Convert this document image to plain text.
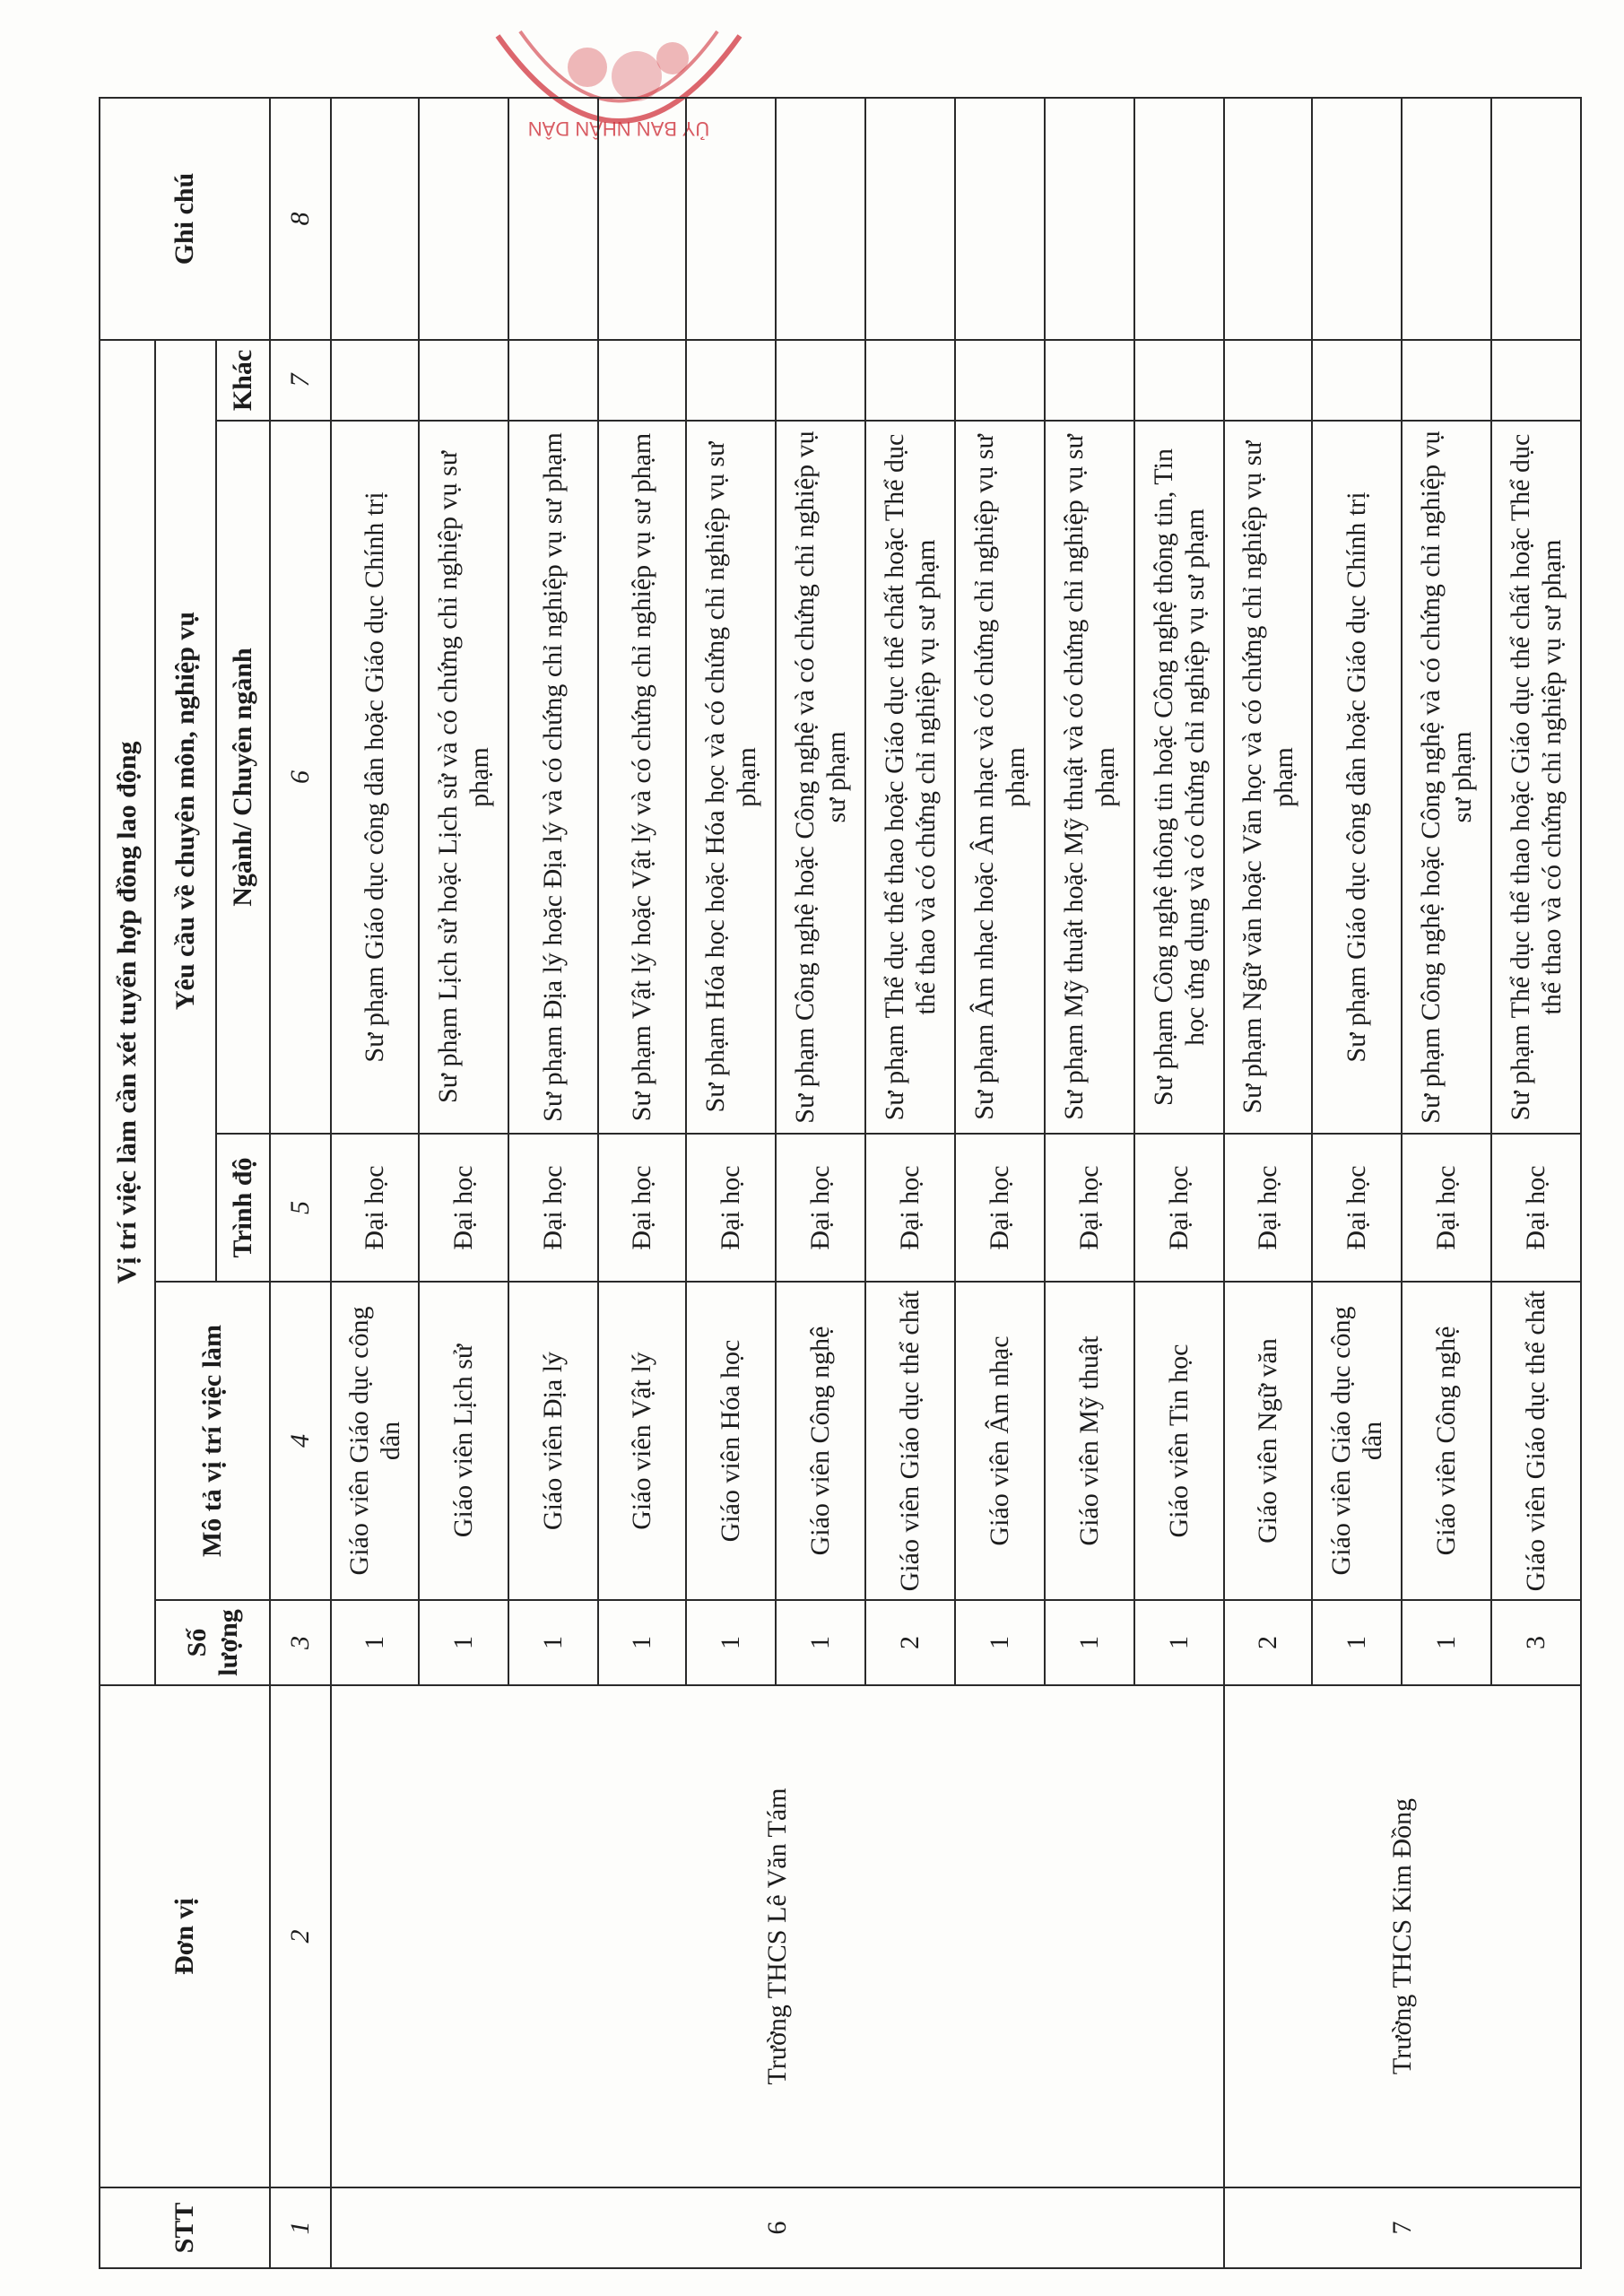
ỦY BAN NHÂN DÂN
STT	Đơn vị	Vị trí việc làm cần xét tuyển hợp đồng lao động					Ghi chú
		Số lượng	Mô tả vị trí việc làm	Yêu cầu về chuyên môn, nghiệp vụ			
				Trình độ	Ngành/ Chuyên ngành	Khác	
1	2	3	4	5	6	7	8
6	Trường THCS Lê Văn Tám	1	Giáo viên Giáo dục công dân	Đại học	Sư phạm Giáo dục công dân hoặc Giáo dục Chính trị		
		1	Giáo viên Lịch sử	Đại học	Sư phạm Lịch sử hoặc Lịch sử và có chứng chỉ nghiệp vụ sư phạm		
		1	Giáo viên Địa lý	Đại học	Sư phạm Địa lý hoặc Địa lý và có chứng chỉ nghiệp vụ sư phạm		
		1	Giáo viên Vật lý	Đại học	Sư phạm Vật lý hoặc Vật lý và có chứng chỉ nghiệp vụ sư phạm		
		1	Giáo viên Hóa học	Đại học	Sư phạm Hóa học hoặc Hóa học và có chứng chỉ nghiệp vụ sư phạm		
		1	Giáo viên Công nghệ	Đại học	Sư phạm Công nghệ hoặc Công nghệ và có chứng chỉ nghiệp vụ sư phạm		
		2	Giáo viên Giáo dục thể chất	Đại học	Sư phạm Thể dục thể thao hoặc Giáo dục thể chất hoặc Thể dục thể thao và có chứng chỉ nghiệp vụ sư phạm		
		1	Giáo viên Âm nhạc	Đại học	Sư phạm Âm nhạc hoặc Âm nhạc và có chứng chỉ nghiệp vụ sư phạm		
		1	Giáo viên Mỹ thuật	Đại học	Sư phạm Mỹ thuật hoặc Mỹ thuật và có chứng chỉ nghiệp vụ sư phạm		
		1	Giáo viên Tin học	Đại học	Sư phạm Công nghệ thông tin hoặc Công nghệ thông tin, Tin học ứng dụng và có chứng chỉ nghiệp vụ sư phạm		
7	Trường THCS Kim Đồng	2	Giáo viên Ngữ văn	Đại học	Sư phạm Ngữ văn hoặc Văn học và có chứng chỉ nghiệp vụ sư phạm		
		1	Giáo viên Giáo dục công dân	Đại học	Sư phạm Giáo dục công dân hoặc Giáo dục Chính trị		
		1	Giáo viên Công nghệ	Đại học	Sư phạm Công nghệ hoặc Công nghệ và có chứng chỉ nghiệp vụ sư phạm		
		3	Giáo viên Giáo dục thể chất	Đại học	Sư phạm Thể dục thể thao hoặc Giáo dục thể chất hoặc Thể dục thể thao và có chứng chỉ nghiệp vụ sư phạm		
